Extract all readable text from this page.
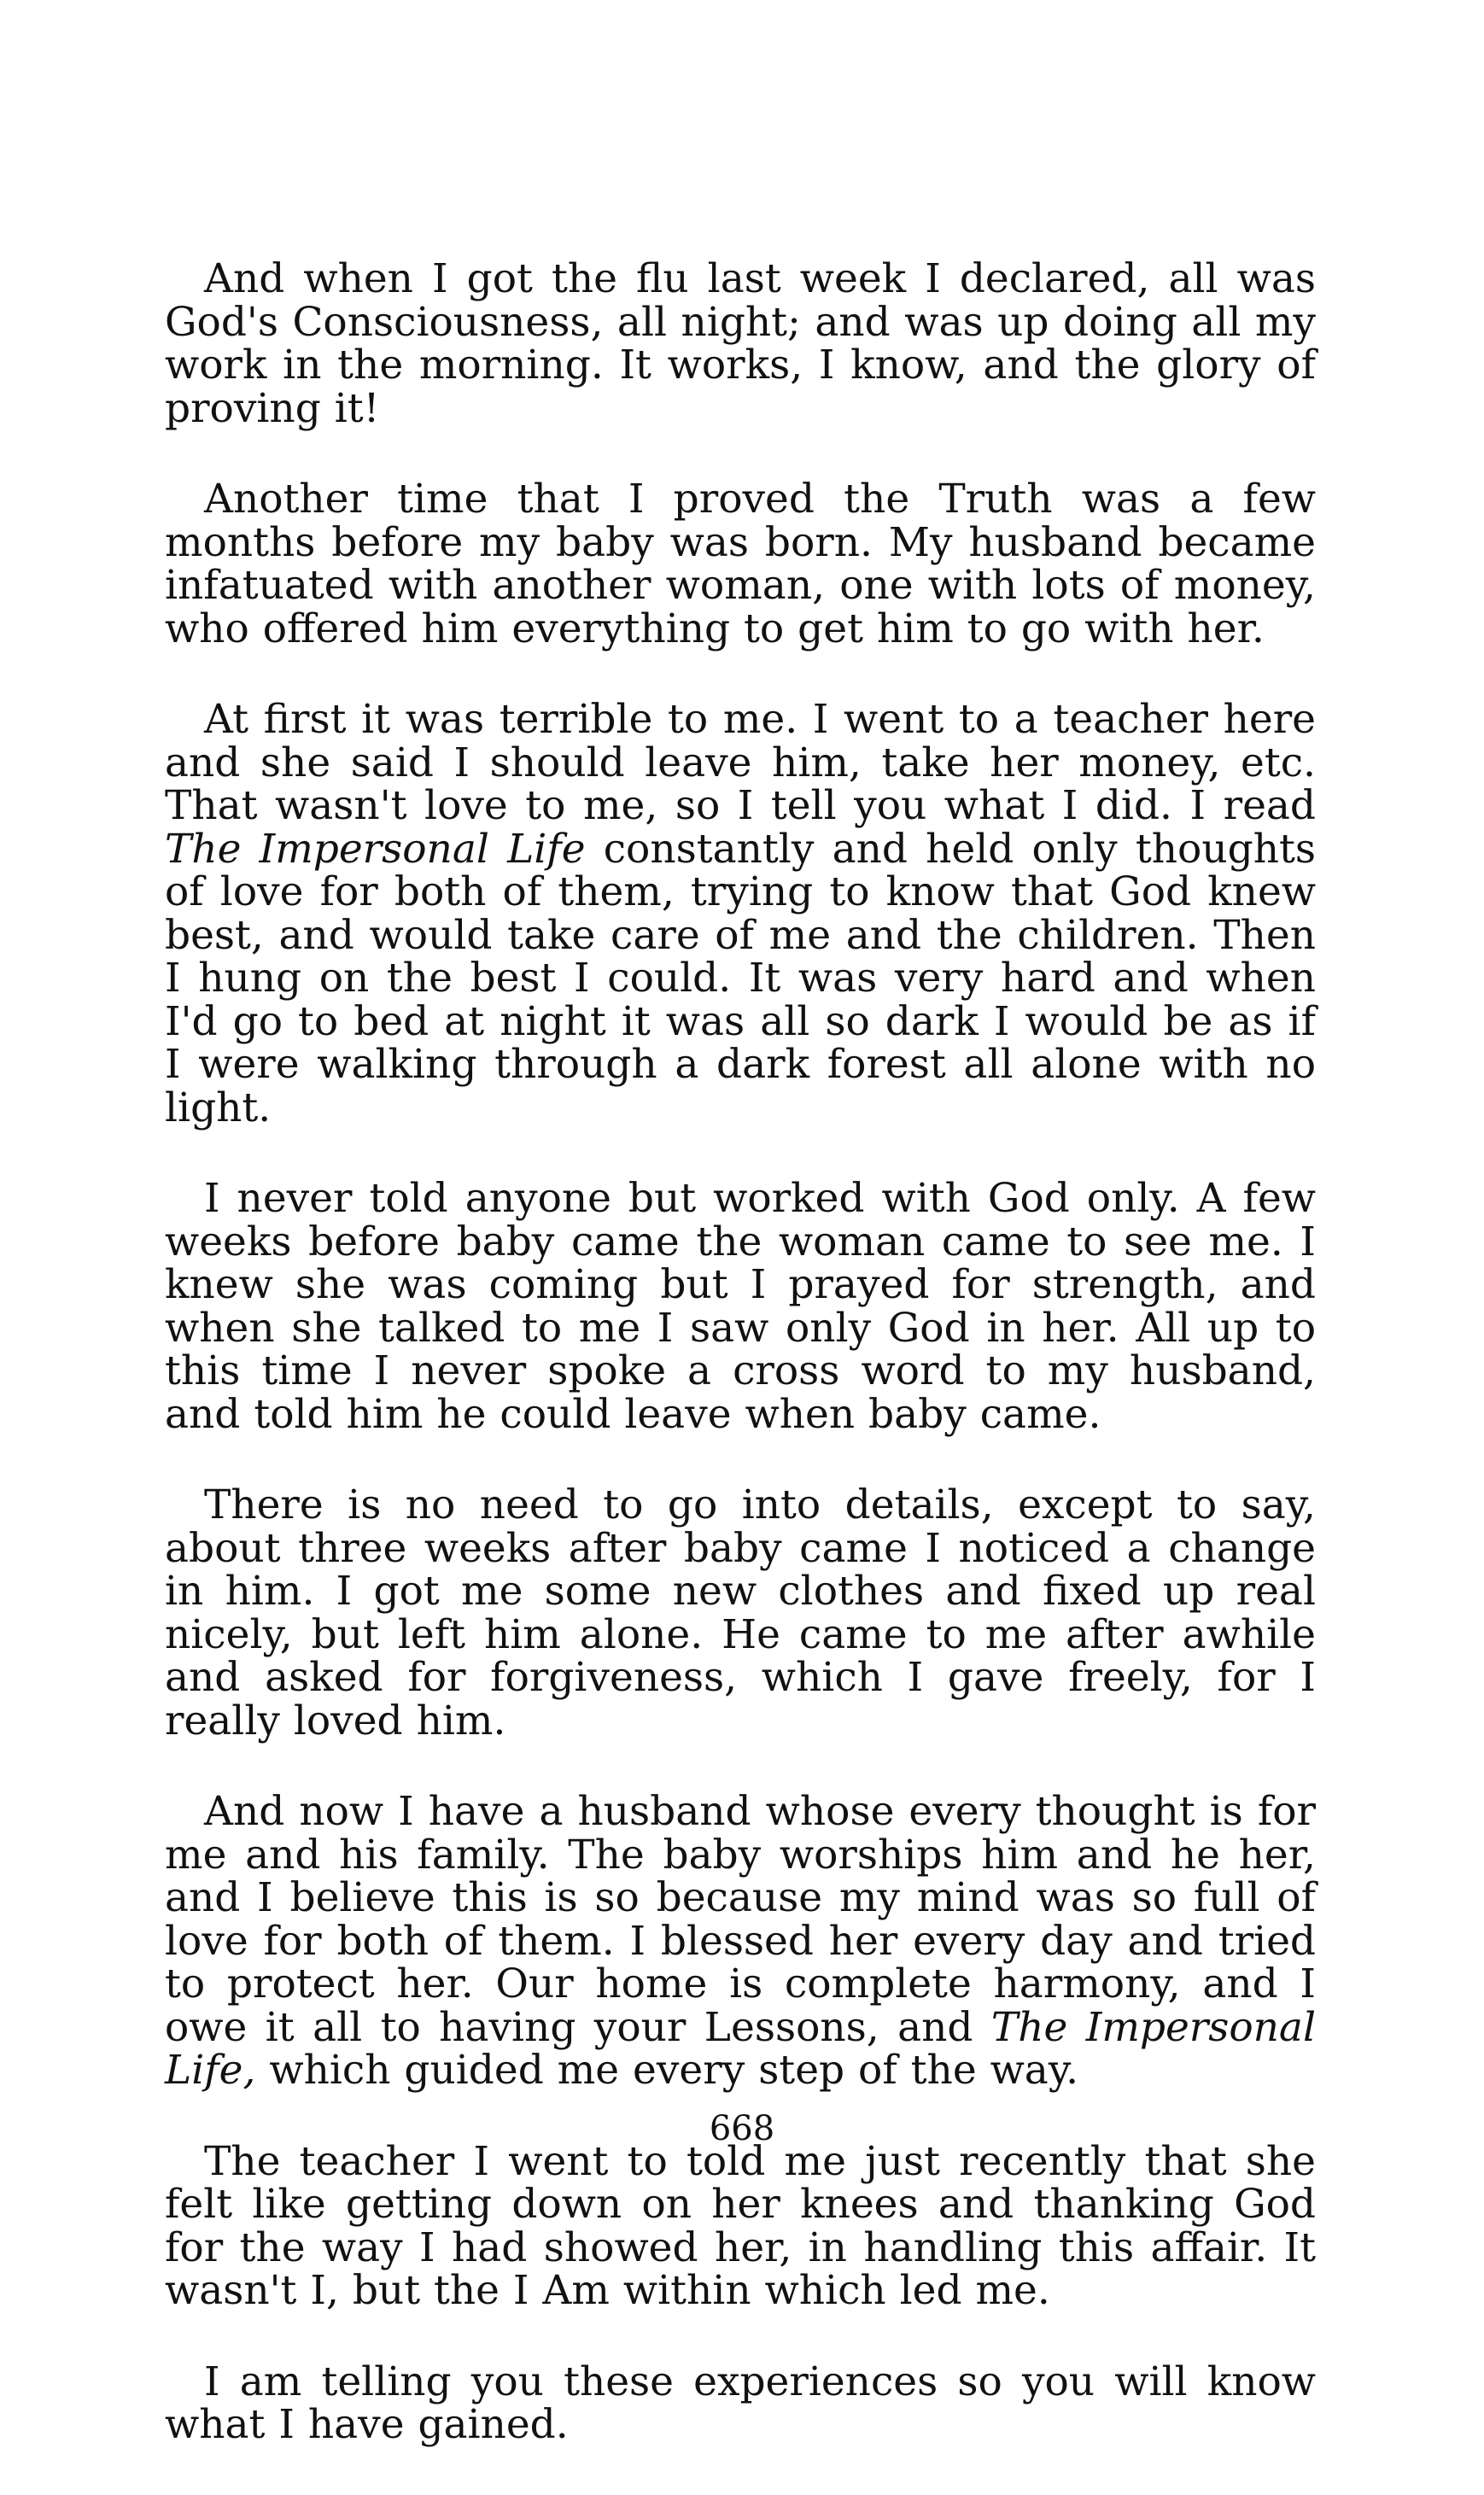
And when I got the flu last week I declared, all was God's Consciousness, all night; and was up doing all my work in the morning. It works, I know, and the glory of proving it!

Another time that I proved the Truth was a few months before my baby was born. My husband became infatuated with another woman, one with lots of money, who offered him everything to get him to go with her.

At first it was terrible to me. I went to a teacher here and she said I should leave him, take her money, etc. That wasn't love to me, so I tell you what I did. I read The Impersonal Life constantly and held only thoughts of love for both of them, trying to know that God knew best, and would take care of me and the children. Then I hung on the best I could. It was very hard and when I'd go to bed at night it was all so dark I would be as if I were walking through a dark forest all alone with no light.

I never told anyone but worked with God only. A few weeks before baby came the woman came to see me. I knew she was coming but I prayed for strength, and when she talked to me I saw only God in her. All up to this time I never spoke a cross word to my husband, and told him he could leave when baby came.

There is no need to go into details, except to say, about three weeks after baby came I noticed a change in him. I got me some new clothes and fixed up real nicely, but left him alone. He came to me after awhile and asked for forgiveness, which I gave freely, for I really loved him.

And now I have a husband whose every thought is for me and his family. The baby worships him and he her, and I believe this is so because my mind was so full of love for both of them. I blessed her every day and tried to protect her. Our home is complete harmony, and I owe it all to having your Lessons, and The Impersonal Life, which guided me every step of the way.

The teacher I went to told me just recently that she felt like getting down on her knees and thanking God for the way I had showed her, in handling this affair. It wasn't I, but the I Am within which led me.

I am telling you these experiences so you will know what I have gained.

668
